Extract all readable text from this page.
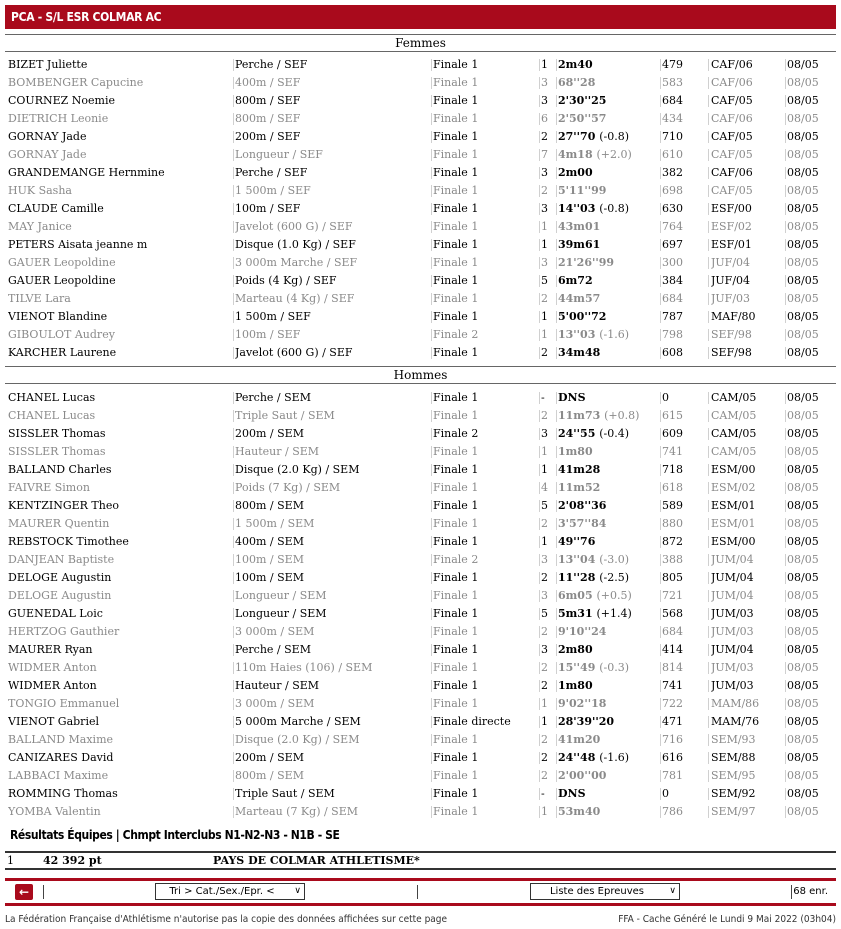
PCA - S/L ESR COLMAR AC
Femmes
BIZET Juliette	Perche / SEF	Finale 1	1 2m40	479	CAF/06	08/05
BOMBENGER Capucine	400m / SEF	Finale 1	3 68''28	583	CAF/06	08/05
COURNEZ Noemie	800m / SEF	Finale 1	3 2'30''25	684	CAF/05	08/05
DIETRICH Leonie	800m / SEF	Finale 1	6 2'50''57	434	CAF/06	08/05
GORNAY Jade	200m / SEF	Finale 1	2 27''70 (-0.8)	710	CAF/05	08/05
GORNAY Jade	Longueur / SEF	Finale 1	7 4m18 (+2.0)	610	CAF/05	08/05
GRANDEMANGE Hernmine	Perche / SEF	Finale 1	3 2m00	382	CAF/06	08/05
HUK Sasha	1 500m / SEF	Finale 1	2 5'11''99	698	CAF/05	08/05
CLAUDE Camille	100m / SEF	Finale 1	3 14''03 (-0.8)	630	ESF/00	08/05
MAY Janice	Javelot (600 G) / SEF	Finale 1	1 43m01	764	ESF/02	08/05
PETERS Aisata jeanne m	Disque (1.0 Kg) / SEF	Finale 1	1 39m61	697	ESF/01	08/05
GAUER Leopoldine	3 000m Marche / SEF	Finale 1	3 21'26''99	300	JUF/04	08/05
GAUER Leopoldine	Poids (4 Kg) / SEF	Finale 1	5 6m72	384	JUF/04	08/05
TILVE Lara	Marteau (4 Kg) / SEF	Finale 1	2 44m57	684	JUF/03	08/05
VIENOT Blandine	1 500m / SEF	Finale 1	1 5'00''72	787	MAF/80	08/05
GIBOULOT Audrey	100m / SEF	Finale 2	1 13''03 (-1.6)	798	SEF/98	08/05
KARCHER Laurene	Javelot (600 G) / SEF	Finale 1	2 34m48	608	SEF/98	08/05
Hommes
CHANEL Lucas	Perche / SEM	Finale 1	-	DNS	0	CAM/05	08/05
CHANEL Lucas	Triple Saut / SEM	Finale 1	2 11m73 (+0.8)	615	CAM/05	08/05
SISSLER Thomas	200m / SEM	Finale 2	3 24''55 (-0.4)	609	CAM/05	08/05
SISSLER Thomas	Hauteur / SEM	Finale 1	1 1m80	741	CAM/05	08/05
BALLAND Charles	Disque (2.0 Kg) / SEM	Finale 1	1 41m28	718	ESM/00	08/05
FAIVRE Simon	Poids (7 Kg) / SEM	Finale 1	4 11m52	618	ESM/02	08/05
KENTZINGER Theo	800m / SEM	Finale 1	5 2'08''36	589	ESM/01	08/05
MAURER Quentin	1 500m / SEM	Finale 1	2 3'57''84	880	ESM/01	08/05
REBSTOCK Timothee	400m / SEM	Finale 1	1 49''76	872	ESM/00	08/05
DANJEAN Baptiste	100m / SEM	Finale 2	3 13''04 (-3.0)	388	JUM/04	08/05
DELOGE Augustin	100m / SEM	Finale 1	2 11''28 (-2.5)	805	JUM/04	08/05
DELOGE Augustin	Longueur / SEM	Finale 1	3 6m05 (+0.5)	721	JUM/04	08/05
GUENEDAL Loic	Longueur / SEM	Finale 1	5 5m31 (+1.4)	568	JUM/03	08/05
HERTZOG Gauthier	3 000m / SEM	Finale 1	2 9'10''24	684	JUM/03	08/05
MAURER Ryan	Perche / SEM	Finale 1	3 2m80	414	JUM/04	08/05
WIDMER Anton	110m Haies (106) / SEM	Finale 1	2 15''49 (-0.3)	814	JUM/03	08/05
WIDMER Anton	Hauteur / SEM	Finale 1	2 1m80	741	JUM/03	08/05
TONGIO Emmanuel	3 000m / SEM	Finale 1	1 9'02''18	722	MAM/86	08/05
VIENOT Gabriel	5 000m Marche / SEM	Finale directe	1 28'39''20	471	MAM/76	08/05
BALLAND Maxime	Disque (2.0 Kg) / SEM	Finale 1	2 41m20	716	SEM/93	08/05
CANIZARES David	200m / SEM	Finale 1	2 24''48 (-1.6)	616	SEM/88	08/05
LABBACI Maxime	800m / SEM	Finale 1	2 2'00''00	781	SEM/95	08/05
ROMMING Thomas	Triple Saut / SEM	Finale 1	-	DNS	0	SEM/92	08/05
YOMBA Valentin	Marteau (7 Kg) / SEM	Finale 1	1 53m40	786	SEM/97	08/05
Résultats Équipes | Chmpt Interclubs N1-N2-N3 - N1B - SE
1	42 392 pt	PAYS DE COLMAR ATHLETISME*
←	Tri > Cat./Sex./Epr. < ∨	Liste des Epreuves	∨	68 enr.
La Fédération Française d'Athlétisme n'autorise pas la copie des données affichées sur cette page	FFA - Cache Généré le Lundi 9 Mai 2022 (03h04)
